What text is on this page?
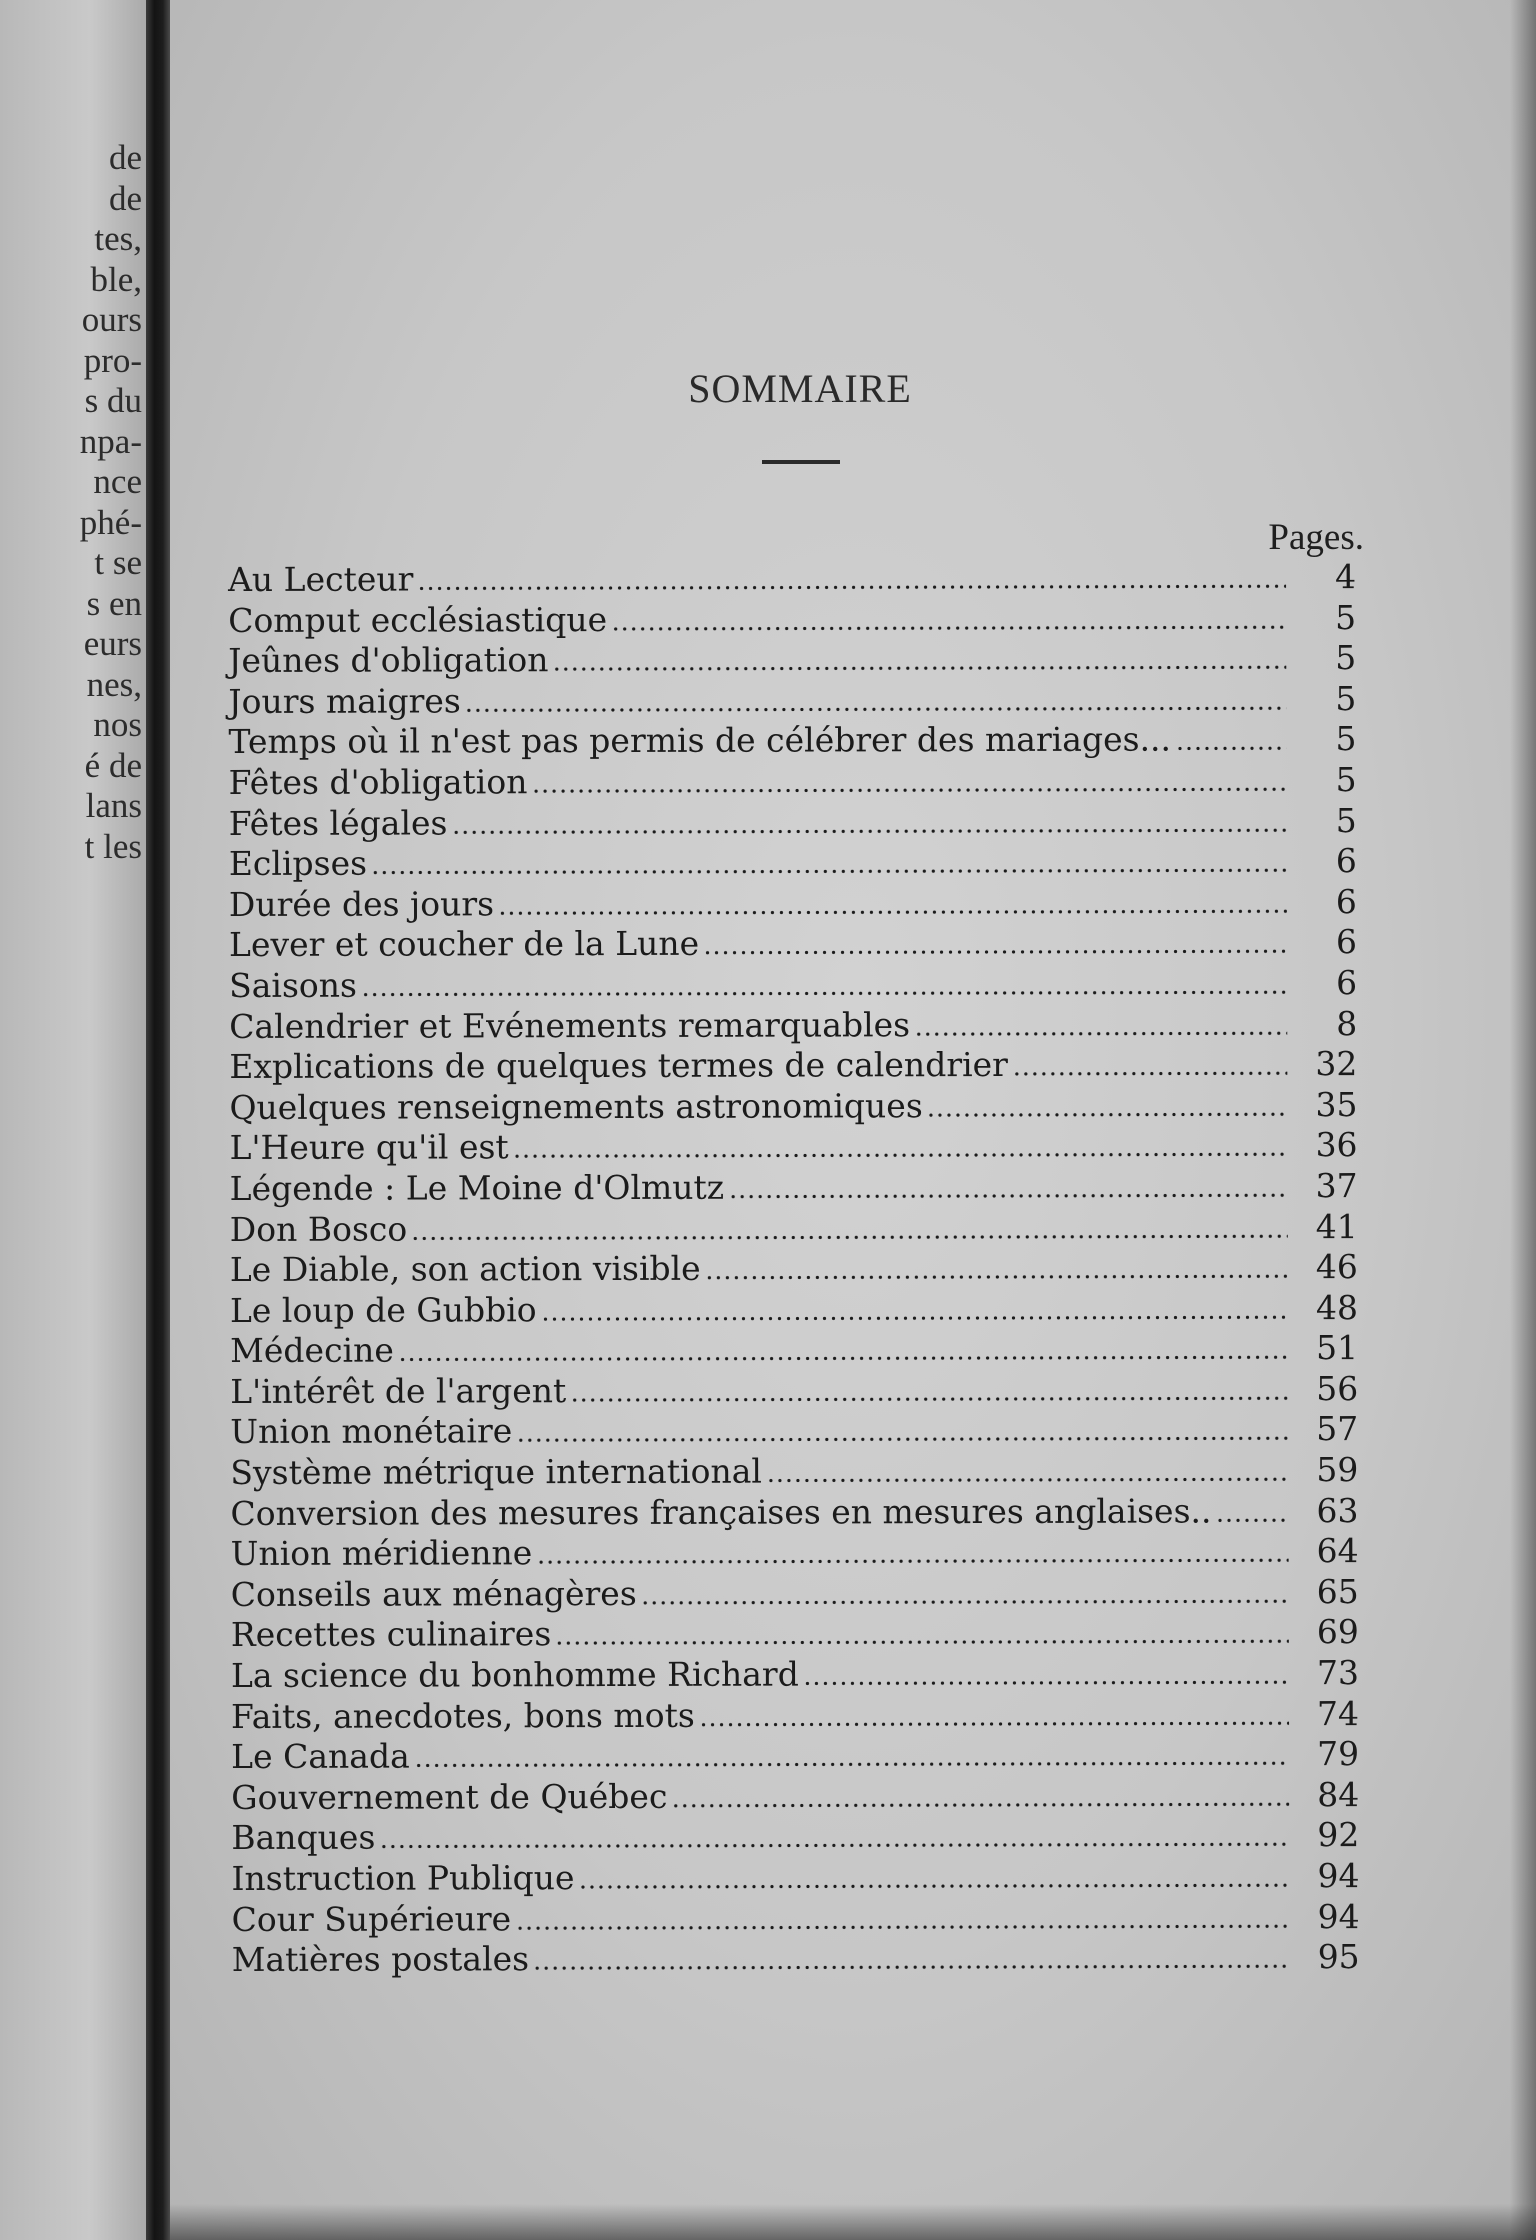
de
de
tes,
ble,
ours
pro-
s du
npa-
nce
phé-
t se
s en
eurs
nes,
nos
é de
lans
t les
SOMMAIRE
Pages.
Au Lecteur	4
Comput ecclésiastique	5
Jeûnes d'obligation	5
Jours maigres	5
Temps où il n'est pas permis de célébrer des mariages...	5
Fêtes d'obligation	5
Fêtes légales	5
Eclipses	6
Durée des jours	6
Lever et coucher de la Lune	6
Saisons	6
Calendrier et Evénements remarquables	8
Explications de quelques termes de calendrier	32
Quelques renseignements astronomiques	35
L'Heure qu'il est	36
Légende : Le Moine d'Olmutz	37
Don Bosco	41
Le Diable, son action visible	46
Le loup de Gubbio	48
Médecine	51
L'intérêt de l'argent	56
Union monétaire	57
Système métrique international	59
Conversion des mesures françaises en mesures anglaises..	63
Union méridienne	64
Conseils aux ménagères	65
Recettes culinaires	69
La science du bonhomme Richard	73
Faits, anecdotes, bons mots	74
Le Canada	79
Gouvernement de Québec	84
Banques	92
Instruction Publique	94
Cour Supérieure	94
Matières postales	95
